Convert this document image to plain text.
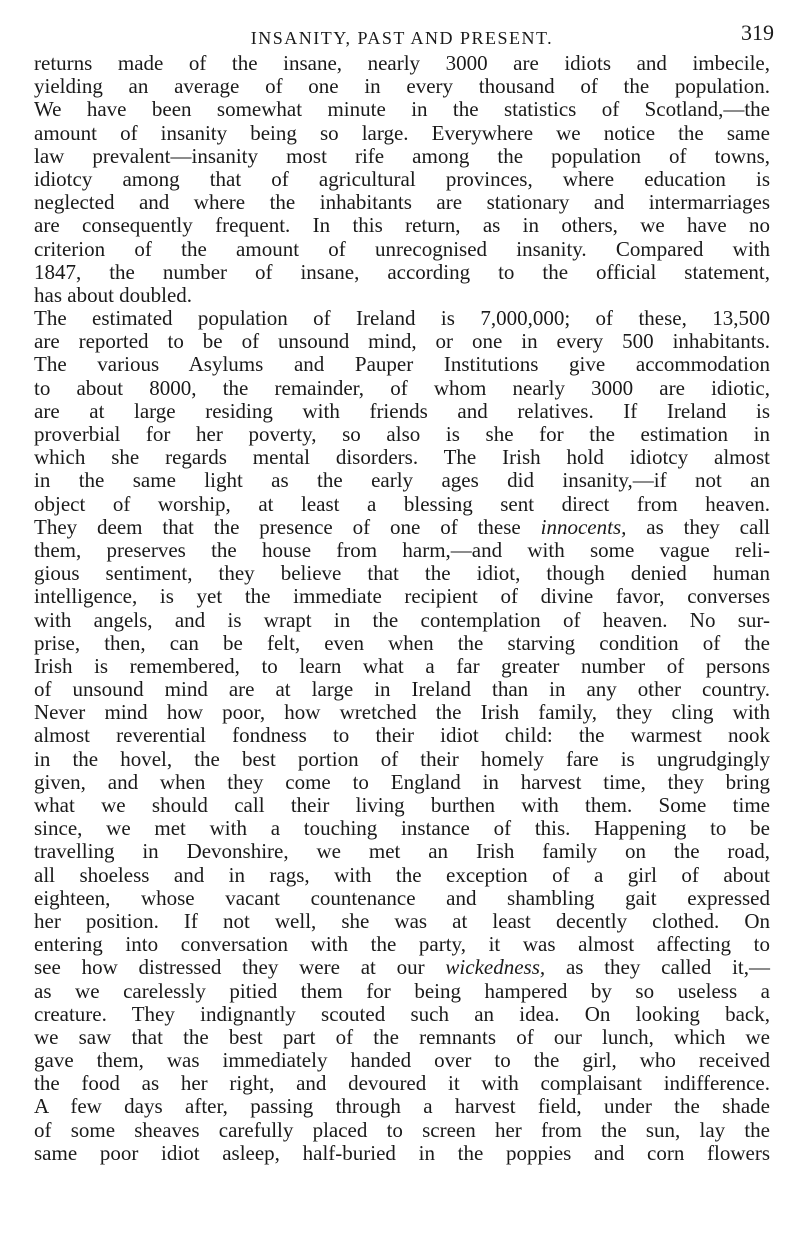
INSANITY, PAST AND PRESENT.	319
returns made of the insane, nearly 3000 are idiots and imbecile,
yielding an average of one in every thousand of the population.
We have been somewhat minute in the statistics of Scotland,—the
amount of insanity being so large. Everywhere we notice the same
law prevalent—insanity most rife among the population of towns,
idiotcy among that of agricultural provinces, where education is
neglected and where the inhabitants are stationary and intermarriages
are consequently frequent. In this return, as in others, we have no
criterion of the amount of unrecognised insanity. Compared with
1847, the number of insane, according to the official statement,
has about doubled.
The estimated population of Ireland is 7,000,000; of these, 13,500
are reported to be of unsound mind, or one in every 500 inhabitants.
The various Asylums and Pauper Institutions give accommodation
to about 8000, the remainder, of whom nearly 3000 are idiotic,
are at large residing with friends and relatives. If Ireland is
proverbial for her poverty, so also is she for the estimation in
which she regards mental disorders. The Irish hold idiotcy almost
in the same light as the early ages did insanity,—if not an
object of worship, at least a blessing sent direct from heaven.
They deem that the presence of one of these innocents, as they call
them, preserves the house from harm,—and with some vague reli-
gious sentiment, they believe that the idiot, though denied human
intelligence, is yet the immediate recipient of divine favor, converses
with angels, and is wrapt in the contemplation of heaven. No sur-
prise, then, can be felt, even when the starving condition of the
Irish is remembered, to learn what a far greater number of persons
of unsound mind are at large in Ireland than in any other country.
Never mind how poor, how wretched the Irish family, they cling with
almost reverential fondness to their idiot child: the warmest nook
in the hovel, the best portion of their homely fare is ungrudgingly
given, and when they come to England in harvest time, they bring
what we should call their living burthen with them. Some time
since, we met with a touching instance of this. Happening to be
travelling in Devonshire, we met an Irish family on the road,
all shoeless and in rags, with the exception of a girl of about
eighteen, whose vacant countenance and shambling gait expressed
her position. If not well, she was at least decently clothed. On
entering into conversation with the party, it was almost affecting to
see how distressed they were at our wickedness, as they called it,—
as we carelessly pitied them for being hampered by so useless a
creature. They indignantly scouted such an idea. On looking back,
we saw that the best part of the remnants of our lunch, which we
gave them, was immediately handed over to the girl, who received
the food as her right, and devoured it with complaisant indifference.
A few days after, passing through a harvest field, under the shade
of some sheaves carefully placed to screen her from the sun, lay the
same poor idiot asleep, half-buried in the poppies and corn flowers
